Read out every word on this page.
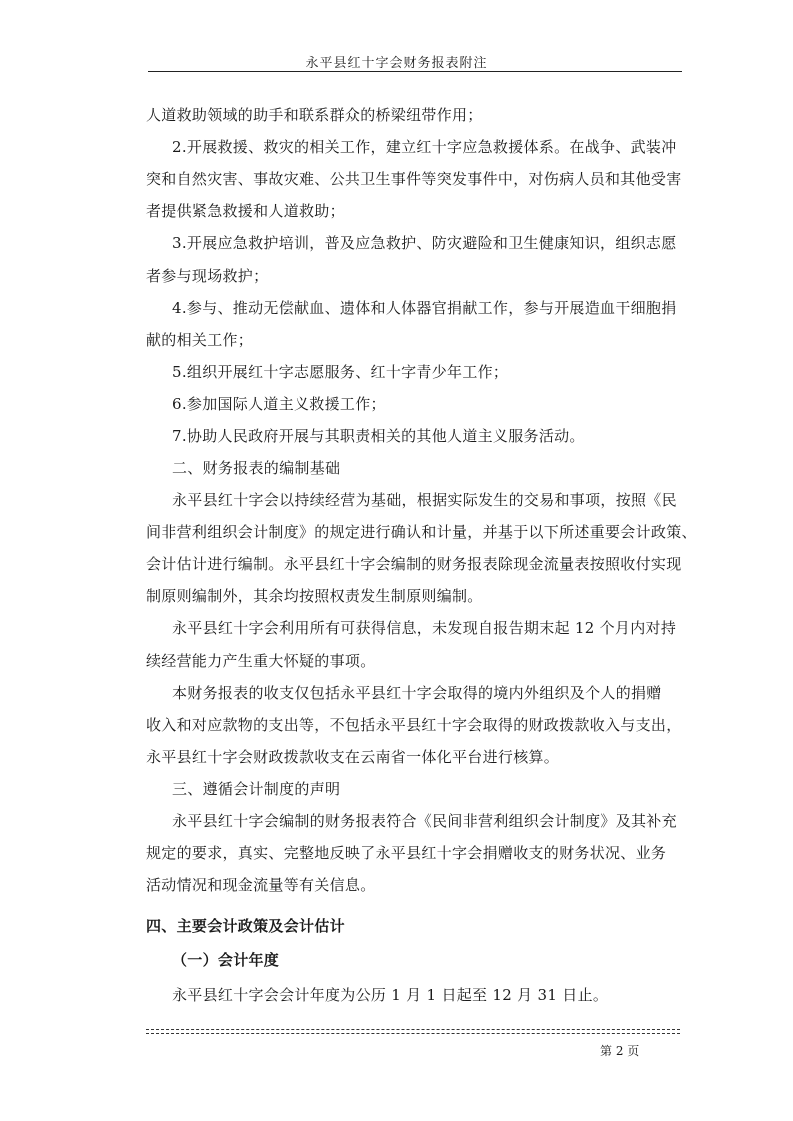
永平县红十字会财务报表附注
人道救助领域的助手和联系群众的桥梁纽带作用；
2.开展救援、救灾的相关工作，建立红十字应急救援体系。在战争、武装冲
突和自然灾害、事故灾难、公共卫生事件等突发事件中，对伤病人员和其他受害
者提供紧急救援和人道救助；
3.开展应急救护培训，普及应急救护、防灾避险和卫生健康知识，组织志愿
者参与现场救护；
4.参与、推动无偿献血、遗体和人体器官捐献工作，参与开展造血干细胞捐
献的相关工作；
5.组织开展红十字志愿服务、红十字青少年工作；
6.参加国际人道主义救援工作；
7.协助人民政府开展与其职责相关的其他人道主义服务活动。
二、财务报表的编制基础
永平县红十字会以持续经营为基础，根据实际发生的交易和事项，按照《民
间非营利组织会计制度》的规定进行确认和计量，并基于以下所述重要会计政策、
会计估计进行编制。永平县红十字会编制的财务报表除现金流量表按照收付实现
制原则编制外，其余均按照权责发生制原则编制。
永平县红十字会利用所有可获得信息，未发现自报告期末起 12 个月内对持
续经营能力产生重大怀疑的事项。
本财务报表的收支仅包括永平县红十字会取得的境内外组织及个人的捐赠
收入和对应款物的支出等，不包括永平县红十字会取得的财政拨款收入与支出，
永平县红十字会财政拨款收支在云南省一体化平台进行核算。
三、遵循会计制度的声明
永平县红十字会编制的财务报表符合《民间非营利组织会计制度》及其补充
规定的要求，真实、完整地反映了永平县红十字会捐赠收支的财务状况、业务
活动情况和现金流量等有关信息。
四、主要会计政策及会计估计
（一）会计年度
永平县红十字会会计年度为公历 1 月 1 日起至 12 月 31 日止。
第 2 页
